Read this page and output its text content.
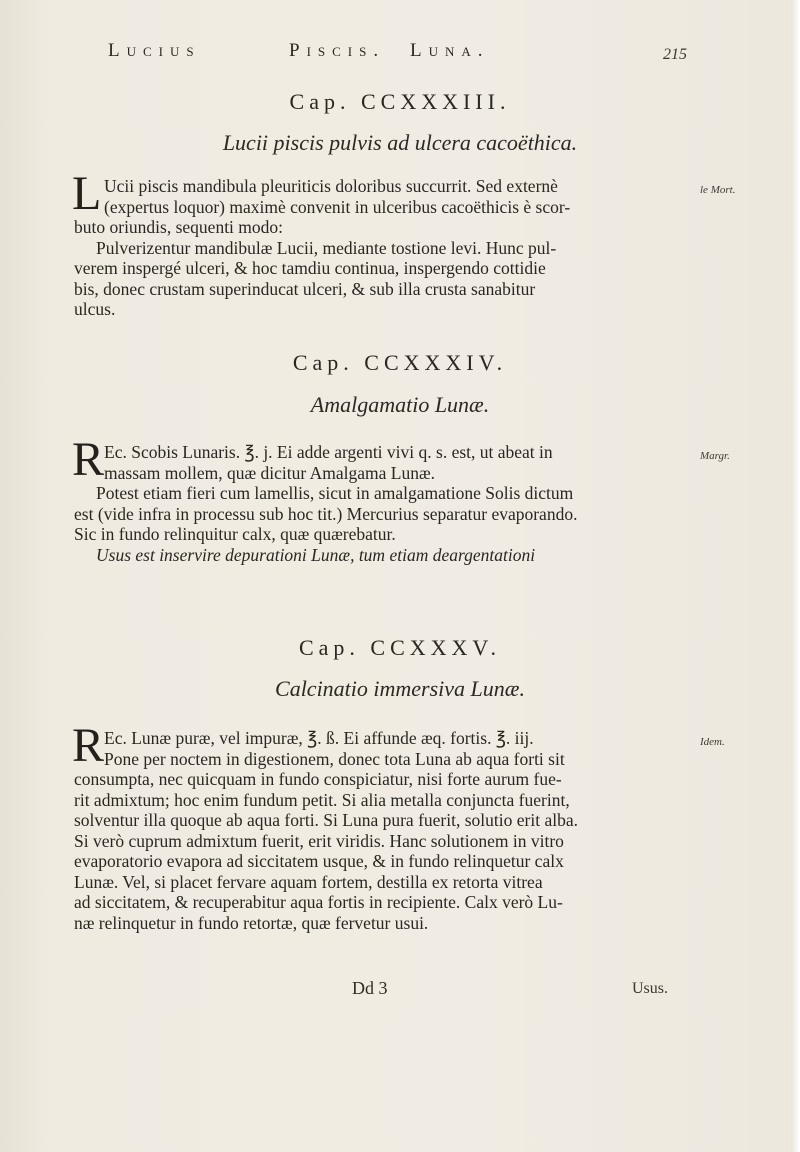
Lucius	Piscis. Luna.	215
Cap. CCXXXIII.
Lucii piscis pulvis ad ulcera cacoëthica.
L Ucii piscis mandibula pleuriticis doloribus succurrit. Sed externè
(expertus loquor) maximè convenit in ulceribus cacoëthicis è scor-
buto oriundis, sequenti modo:
Pulverizentur mandibulæ Lucii, mediante tostione levi. Hunc pul-
verem inspergé ulceri, & hoc tamdiu continua, inspergendo cottidie
bis, donec crustam superinducat ulceri, & sub illa crusta sanabitur
ulcus.
le Mort.
Cap. CCXXXIV.
Amalgamatio Lunæ.
R Ec. Scobis Lunaris. ℥. j. Ei adde argenti vivi q. s. est, ut abeat in
massam mollem, quæ dicitur Amalgama Lunæ.
Potest etiam fieri cum lamellis, sicut in amalgamatione Solis dictum
est (vide infra in processu sub hoc tit.) Mercurius separatur evaporando.
Sic in fundo relinquitur calx, quæ quærebatur.
Usus est inservire depurationi Lunæ, tum etiam deargentationi
Margr.
Cap. CCXXXV.
Calcinatio immersiva Lunæ.
R Ec. Lunæ puræ, vel impuræ, ℥. ß. Ei affunde æq. fortis. ℥. iij.
Pone per noctem in digestionem, donec tota Luna ab aqua forti sit
consumpta, nec quicquam in fundo conspiciatur, nisi forte aurum fue-
rit admixtum; hoc enim fundum petit. Si alia metalla conjuncta fuerint,
solventur illa quoque ab aqua forti. Si Luna pura fuerit, solutio erit alba.
Si verò cuprum admixtum fuerit, erit viridis. Hanc solutionem in vitro
evaporatorio evapora ad siccitatem usque, & in fundo relinquetur calx
Lunæ. Vel, si placet fervare aquam fortem, destilla ex retorta vitrea
ad siccitatem, & recuperabitur aqua fortis in recipiente. Calx verò Lu-
næ relinquetur in fundo retortæ, quæ fervetur usui.
Idem.
Dd 3	Usus.
